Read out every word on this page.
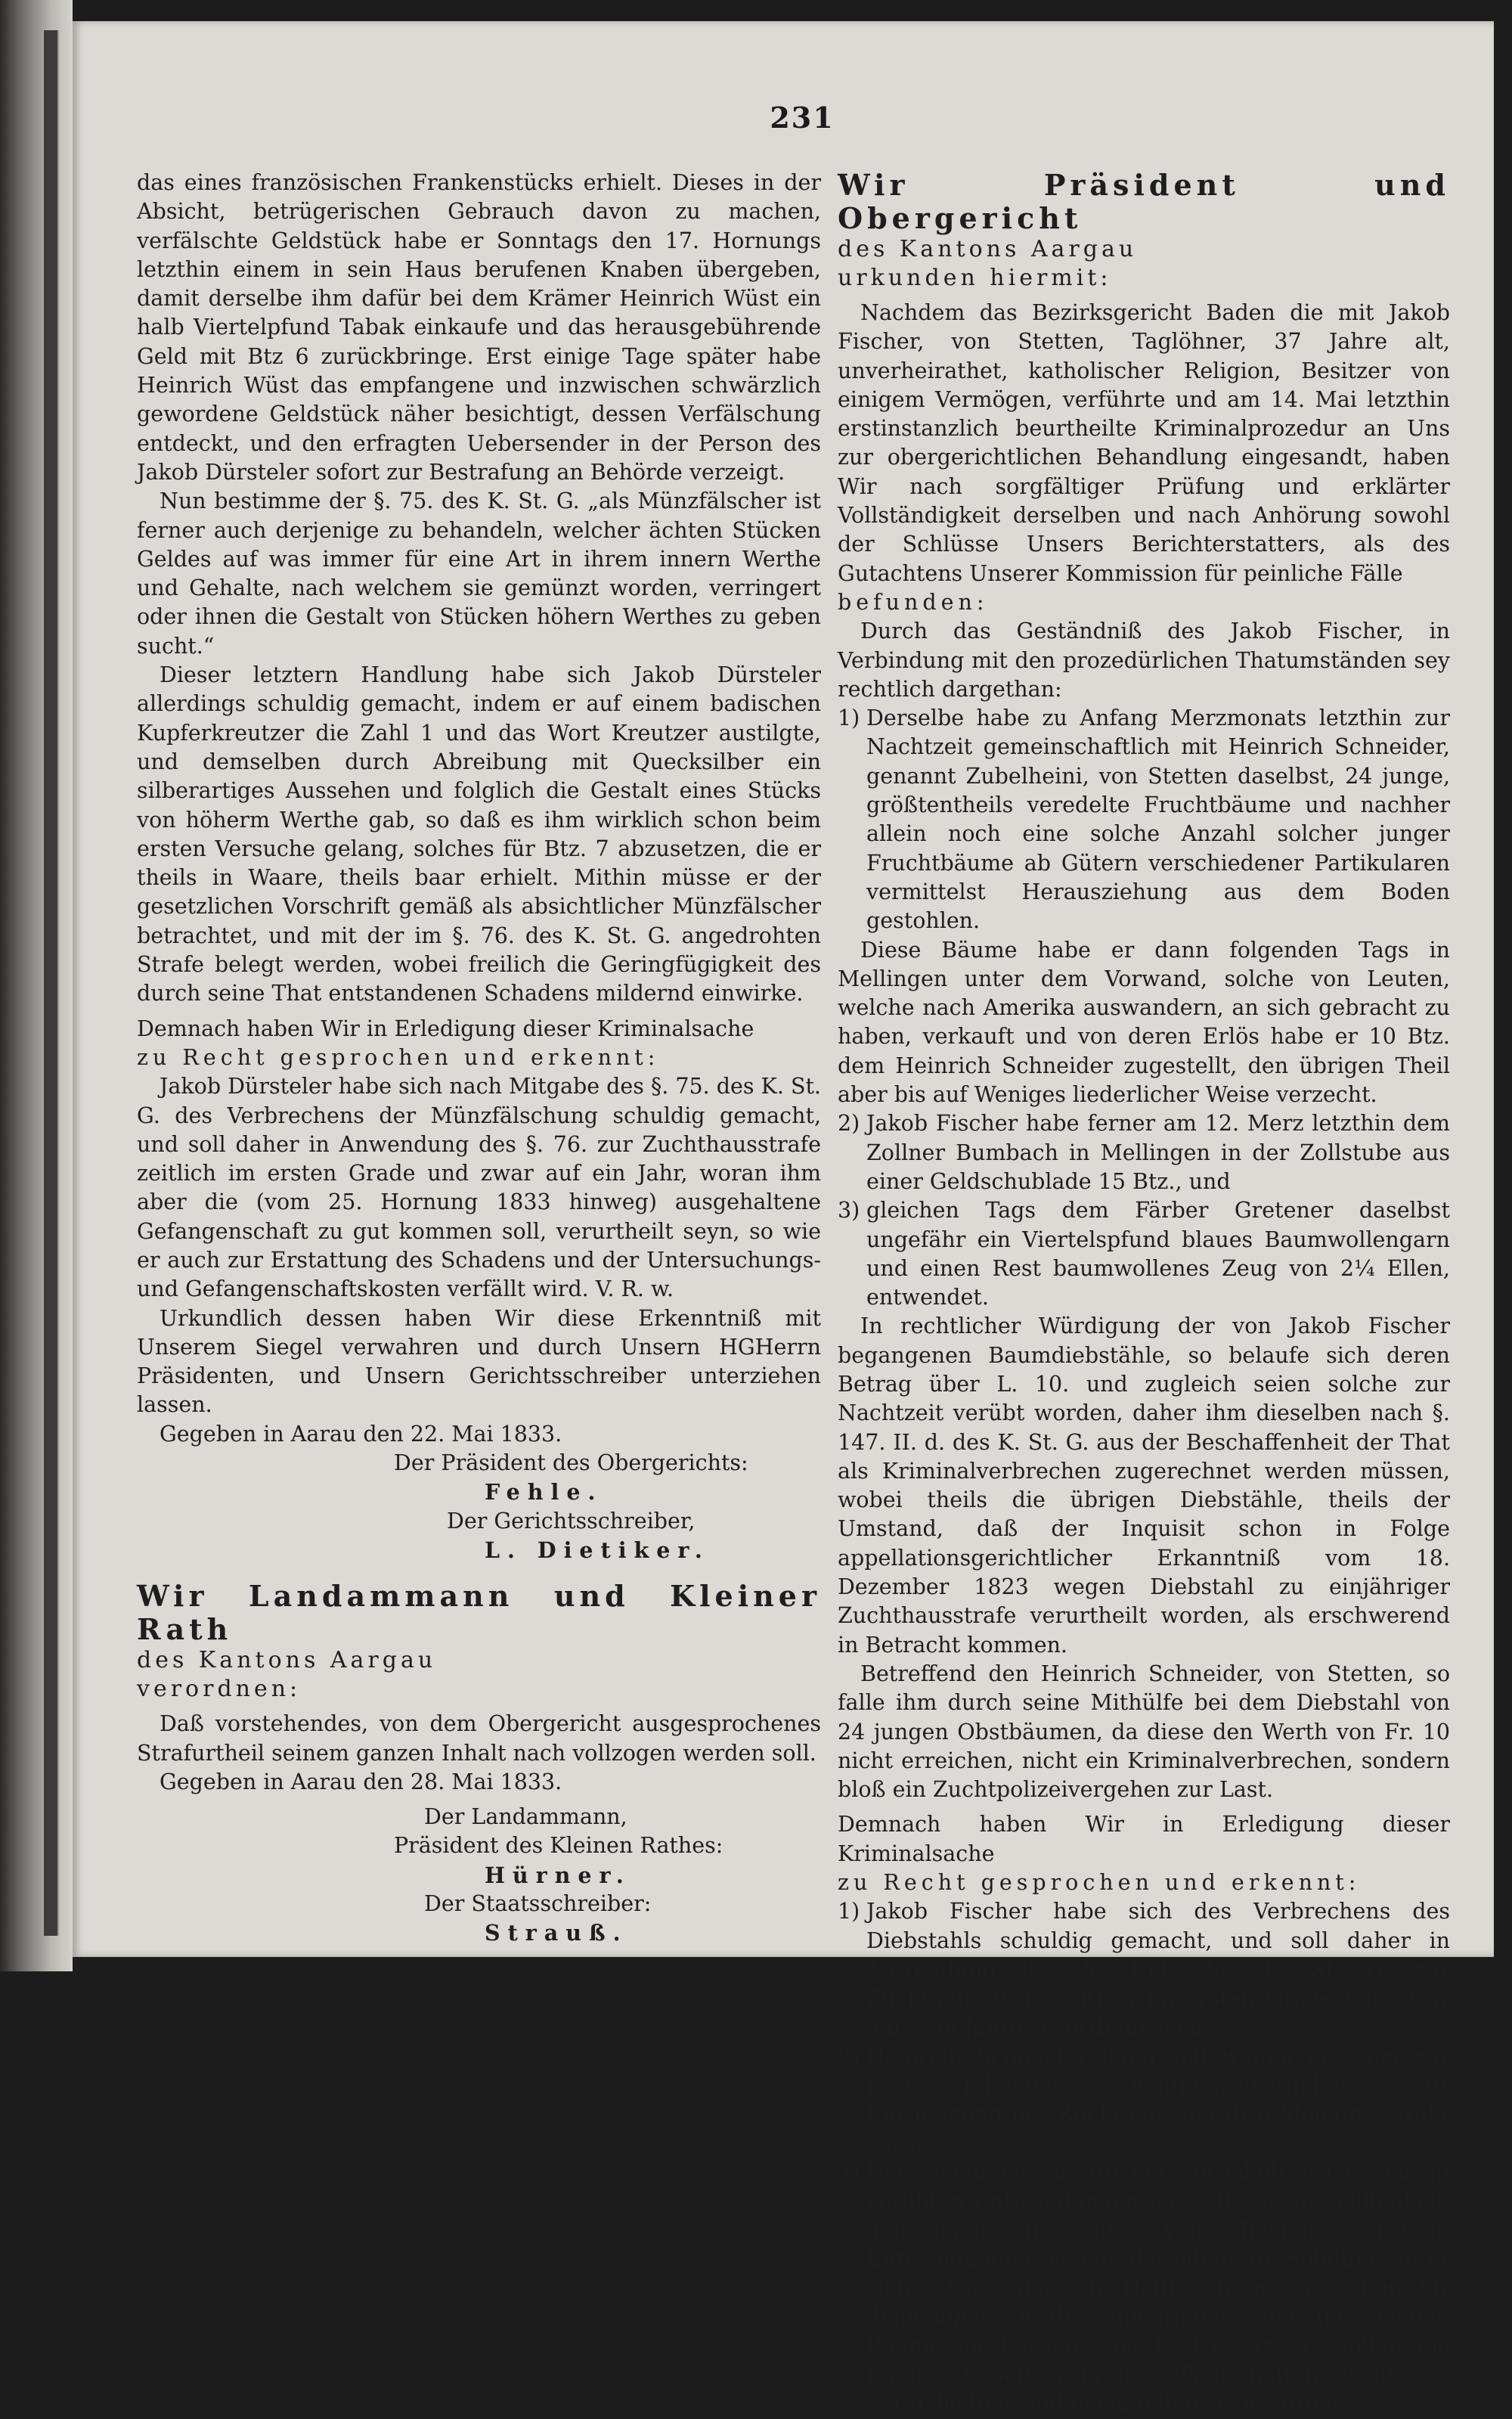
231

das eines französischen Frankenstücks erhielt. Dieses in der Absicht, betrügerischen Gebrauch davon zu machen, verfälschte Geldstück habe er Sonntags den 17. Hornungs letzthin einem in sein Haus berufenen Knaben übergeben, damit derselbe ihm dafür bei dem Krämer Heinrich Wüst ein halb Viertelpfund Tabak einkaufe und das herausgebührende Geld mit Btz 6 zurückbringe. Erst einige Tage später habe Heinrich Wüst das empfangene und inzwischen schwärzlich gewordene Geldstück näher besichtigt, dessen Verfälschung entdeckt, und den erfragten Uebersender in der Person des Jakob Dürsteler sofort zur Bestrafung an Behörde verzeigt.

Nun bestimme der §. 75. des K. St. G. „als Münzfälscher ist ferner auch derjenige zu behandeln, welcher ächten Stücken Geldes auf was immer für eine Art in ihrem innern Werthe und Gehalte, nach welchem sie gemünzt worden, verringert oder ihnen die Gestalt von Stücken höhern Werthes zu geben sucht.“

Dieser letztern Handlung habe sich Jakob Dürsteler allerdings schuldig gemacht, indem er auf einem badischen Kupferkreutzer die Zahl 1 und das Wort Kreutzer austilgte, und demselben durch Abreibung mit Quecksilber ein silberartiges Aussehen und folglich die Gestalt eines Stücks von höherm Werthe gab, so daß es ihm wirklich schon beim ersten Versuche gelang, solches für Btz. 7 abzusetzen, die er theils in Waare, theils baar erhielt. Mithin müsse er der gesetzlichen Vorschrift gemäß als absichtlicher Münzfälscher betrachtet, und mit der im §. 76. des K. St. G. angedrohten Strafe belegt werden, wobei freilich die Geringfügigkeit des durch seine That entstandenen Schadens mildernd einwirke.

Demnach haben Wir in Erledigung dieser Kriminalsache

zu Recht gesprochen und erkennt:

Jakob Dürsteler habe sich nach Mitgabe des §. 75. des K. St. G. des Verbrechens der Münzfälschung schuldig gemacht, und soll daher in Anwendung des §. 76. zur Zuchthausstrafe zeitlich im ersten Grade und zwar auf ein Jahr, woran ihm aber die (vom 25. Hornung 1833 hinweg) ausgehaltene Gefangenschaft zu gut kommen soll, verurtheilt seyn, so wie er auch zur Erstattung des Schadens und der Untersuchungs- und Gefangenschaftskosten verfällt wird. V. R. w.

Urkundlich dessen haben Wir diese Erkenntniß mit Unserem Siegel verwahren und durch Unsern HGHerrn Präsidenten, und Unsern Gerichtsschreiber unterziehen lassen.

Gegeben in Aarau den 22. Mai 1833.

Der Präsident des Obergerichts:

Fehle.

Der Gerichtsschreiber,

L. Dietiker.

Wir Landammann und Kleiner Rath

des Kantons Aargau

verordnen:

Daß vorstehendes, von dem Obergericht ausgesprochenes Strafurtheil seinem ganzen Inhalt nach vollzogen werden soll.

Gegeben in Aarau den 28. Mai 1833.

Der Landammann,

Präsident des Kleinen Rathes:

Hürner.

Der Staatsschreiber:

Strauß.

Wir Präsident und Obergericht

des Kantons Aargau

urkunden hiermit:

Nachdem das Bezirksgericht Baden die mit Jakob Fischer, von Stetten, Taglöhner, 37 Jahre alt, unverheirathet, katholischer Religion, Besitzer von einigem Vermögen, verführte und am 14. Mai letzthin erstinstanzlich beurtheilte Kriminalprozedur an Uns zur obergerichtlichen Behandlung eingesandt, haben Wir nach sorgfältiger Prüfung und erklärter Vollständigkeit derselben und nach Anhörung sowohl der Schlüsse Unsers Berichterstatters, als des Gutachtens Unserer Kommission für peinliche Fälle

befunden:

Durch das Geständniß des Jakob Fischer, in Verbindung mit den prozedürlichen Thatumständen sey rechtlich dargethan:

1) Derselbe habe zu Anfang Merzmonats letzthin zur Nachtzeit gemeinschaftlich mit Heinrich Schneider, genannt Zubelheini, von Stetten daselbst, 24 junge, größtentheils veredelte Fruchtbäume und nachher allein noch eine solche Anzahl solcher junger Fruchtbäume ab Gütern verschiedener Partikularen vermittelst Herausziehung aus dem Boden gestohlen.

Diese Bäume habe er dann folgenden Tags in Mellingen unter dem Vorwand, solche von Leuten, welche nach Amerika auswandern, an sich gebracht zu haben, verkauft und von deren Erlös habe er 10 Btz. dem Heinrich Schneider zugestellt, den übrigen Theil aber bis auf Weniges liederlicher Weise verzecht.

2) Jakob Fischer habe ferner am 12. Merz letzthin dem Zollner Bumbach in Mellingen in der Zollstube aus einer Geldschublade 15 Btz., und

3) gleichen Tags dem Färber Gretener daselbst ungefähr ein Viertelspfund blaues Baumwollengarn und einen Rest baumwollenes Zeug von 2¼ Ellen, entwendet.

In rechtlicher Würdigung der von Jakob Fischer begangenen Baumdiebstähle, so belaufe sich deren Betrag über L. 10. und zugleich seien solche zur Nachtzeit verübt worden, daher ihm dieselben nach §. 147. II. d. des K. St. G. aus der Beschaffenheit der That als Kriminalverbrechen zugerechnet werden müssen, wobei theils die übrigen Diebstähle, theils der Umstand, daß der Inquisit schon in Folge appellationsgerichtlicher Erkanntniß vom 18. Dezember 1823 wegen Diebstahl zu einjähriger Zuchthausstrafe verurtheilt worden, als erschwerend in Betracht kommen.

Betreffend den Heinrich Schneider, von Stetten, so falle ihm durch seine Mithülfe bei dem Diebstahl von 24 jungen Obstbäumen, da diese den Werth von Fr. 10 nicht erreichen, nicht ein Kriminalverbrechen, sondern bloß ein Zuchtpolizeivergehen zur Last.

Demnach haben Wir in Erledigung dieser Kriminalsache

zu Recht gesprochen und erkennt:

1) Jakob Fischer habe sich des Verbrechens des Diebstahls schuldig gemacht, und soll daher in Anwendung des §. 150. des K. St. G. zur Zuchthausstrafe zeitlich im ersten Grade und zwar auf zwei Jahre verurtheilt seyn.

2) Heinrich Schneider dann soll wegen des ihm zur Last fallenden Zuchtpolizeivergehens zur Einsperrung in's Zuchthaus auf drei Monate verfällt seyn.

3) Den Schadenersatz für die von Jakob Fischer einzig verübten Entwendungen habe dieser ausschließlich, denjenigen für die von Beiden verübten Entwendungen haben dieselben in Solidum unter sich, aber jeder zur Hälfte zu bezahlen und für denjenigen an die Eigenthümer der gestohlenen Bäume im Betrage von L. 15. Btz. 9., sollen die Käufer derselben in dem Falle haften, wenn die Verurtheilten zahlungsunfähig seyn würden.
